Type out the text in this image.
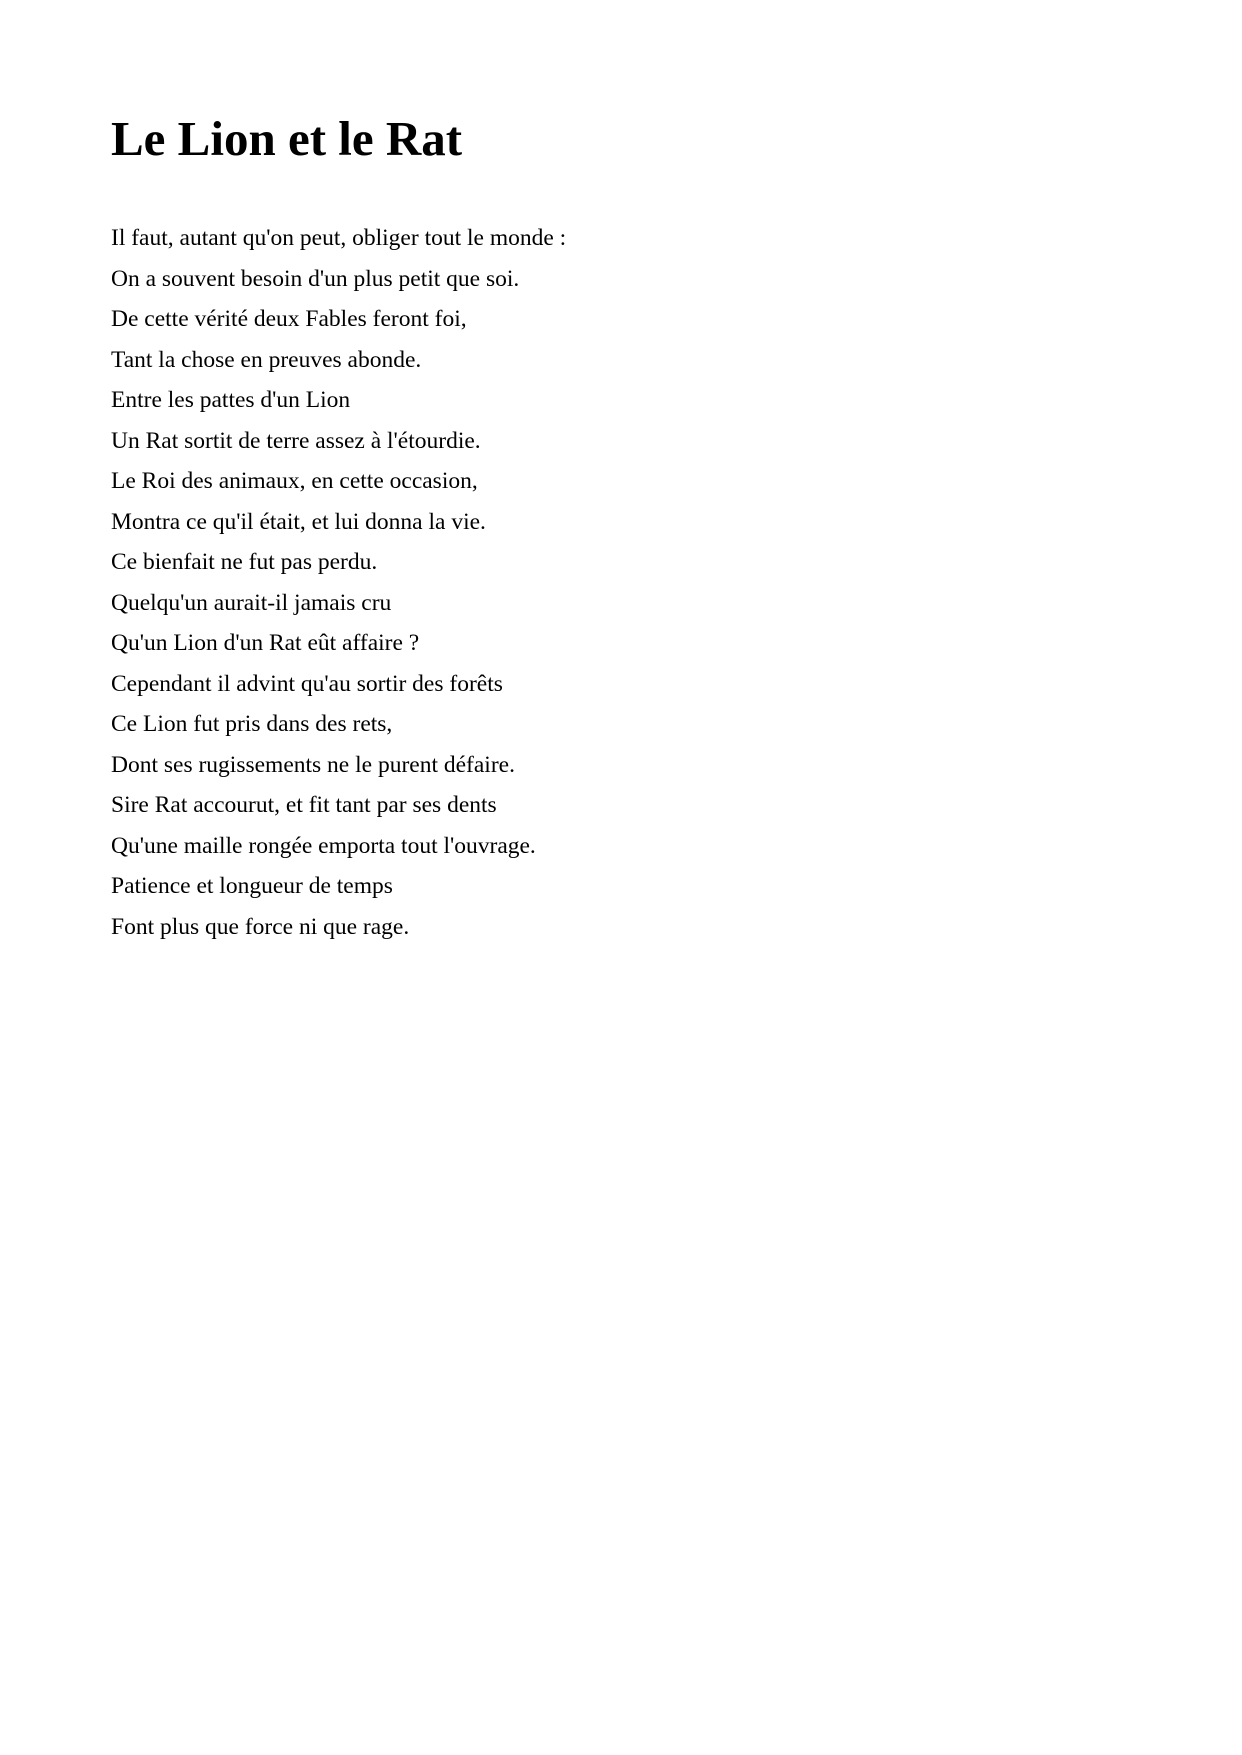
Le Lion et le Rat
Il faut, autant qu'on peut, obliger tout le monde :
On a souvent besoin d'un plus petit que soi.
De cette vérité deux Fables feront foi,
Tant la chose en preuves abonde.
Entre les pattes d'un Lion
Un Rat sortit de terre assez à l'étourdie.
Le Roi des animaux, en cette occasion,
Montra ce qu'il était, et lui donna la vie.
Ce bienfait ne fut pas perdu.
Quelqu'un aurait-il jamais cru
Qu'un Lion d'un Rat eût affaire ?
Cependant il advint qu'au sortir des forêts
Ce Lion fut pris dans des rets,
Dont ses rugissements ne le purent défaire.
Sire Rat accourut, et fit tant par ses dents
Qu'une maille rongée emporta tout l'ouvrage.
Patience et longueur de temps
Font plus que force ni que rage.
